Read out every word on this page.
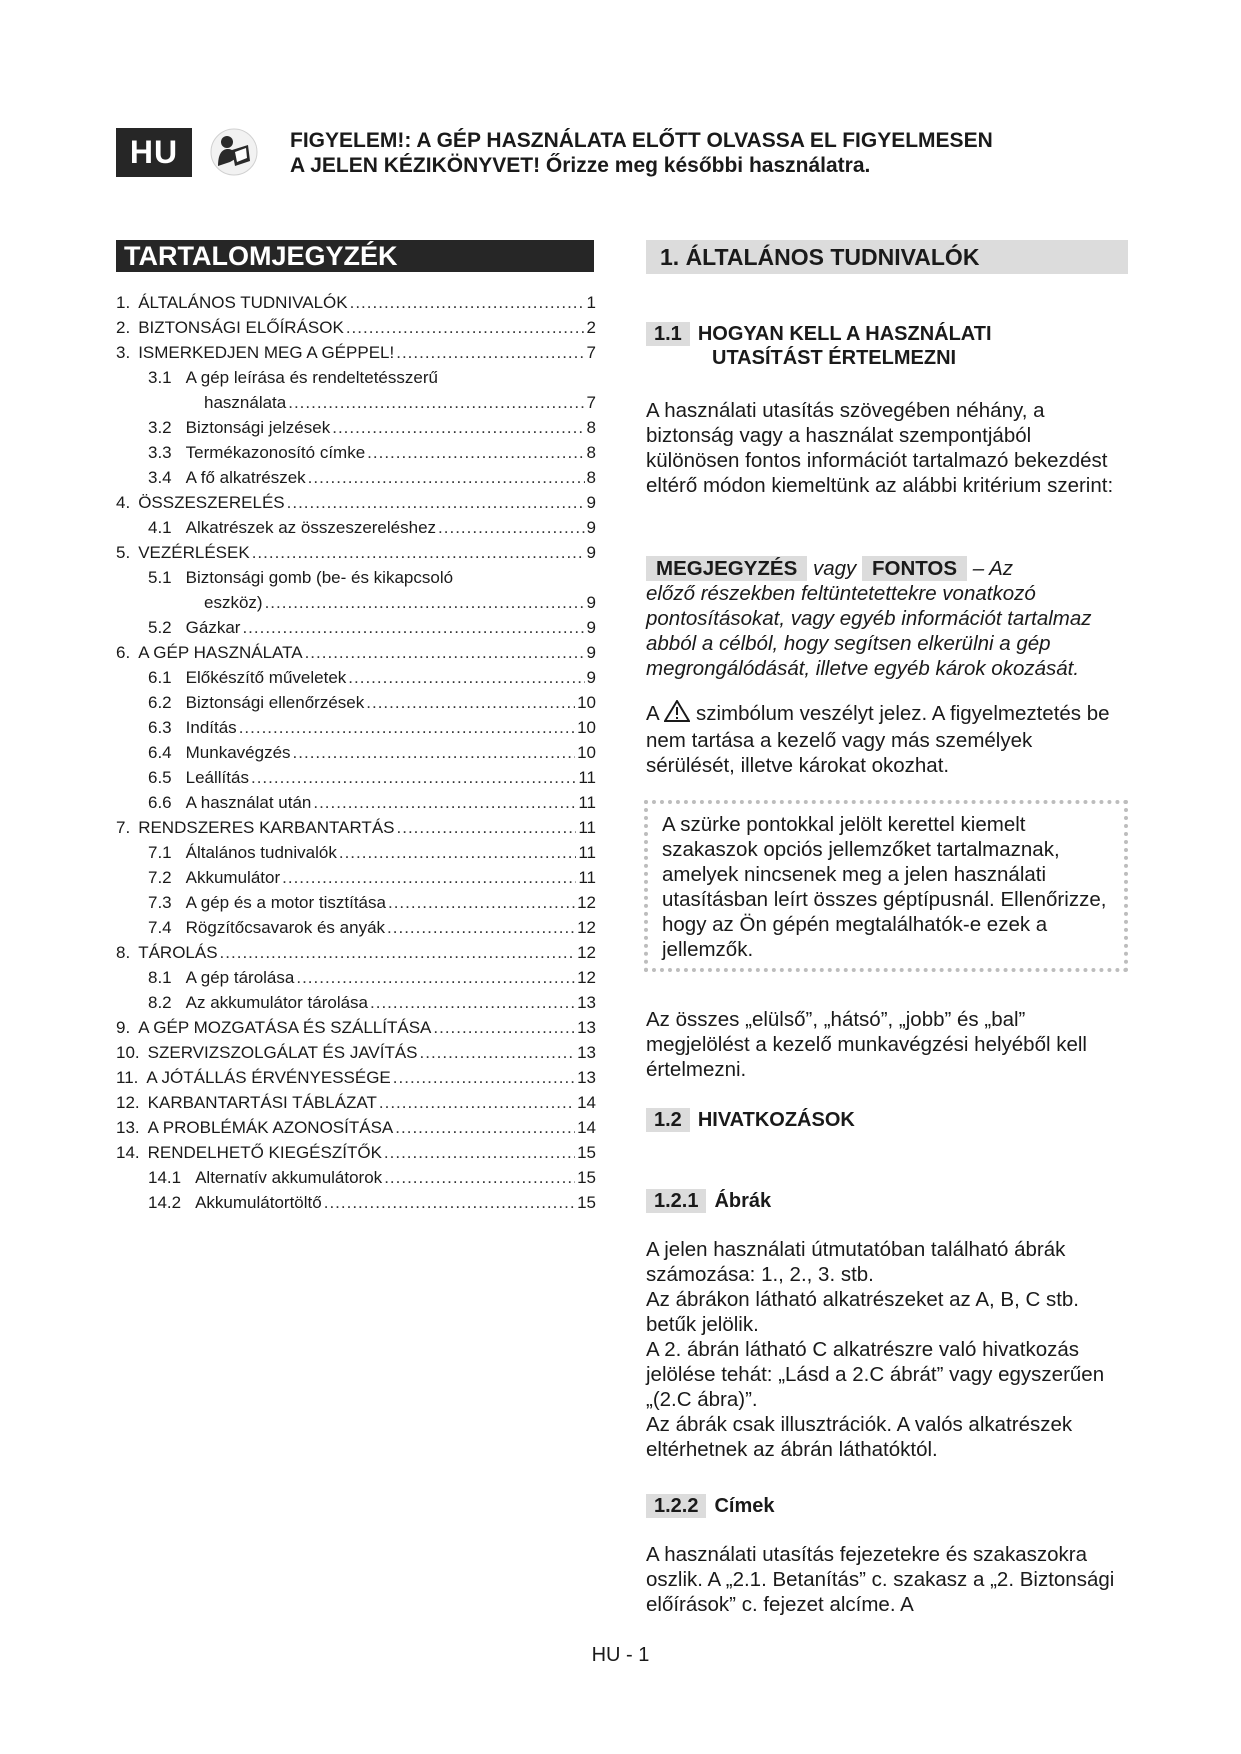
HU	FIGYELEM!: A GÉP HASZNÁLATA ELŐTT OLVASSA EL FIGYELMESEN
A JELEN KÉZIKÖNYVET! Őrizze meg későbbi használatra.
TARTALOMJEGYZÉK
1. ÁLTALÁNOS TUDNIVALÓK .....	1
2. BIZTONSÁGI ELŐÍRÁSOK .....	2
3. ISMERKEDJEN MEG A GÉPPEL! .....	7
3.1 A gép leírása és rendeltetésszerű
használata .....	7
3.2 Biztonsági jelzések .....	8
3.3 Termékazonosító címke .....	8
3.4 A fő alkatrészek .....	8
4. ÖSSZESZERELÉS .....	9
4.1 Alkatrészek az összeszereléshez .....	9
5. VEZÉRLÉSEK .....	9
5.1 Biztonsági gomb (be- és kikapcsoló
eszköz) .....	9
5.2 Gázkar .....	9
6. A GÉP HASZNÁLATA .....	9
6.1 Előkészítő műveletek .....	9
6.2 Biztonsági ellenőrzések .....	10
6.3 Indítás .....	10
6.4 Munkavégzés .....	10
6.5 Leállítás .....	11
6.6 A használat után .....	11
7. RENDSZERES KARBANTARTÁS .....	11
7.1 Általános tudnivalók .....	11
7.2 Akkumulátor .....	11
7.3 A gép és a motor tisztítása .....	12
7.4 Rögzítőcsavarok és anyák .....	12
8. TÁROLÁS .....	12
8.1 A gép tárolása .....	12
8.2 Az akkumulátor tárolása .....	13
9. A GÉP MOZGATÁSA ÉS SZÁLLÍTÁSA .....	13
10. SZERVIZSZOLGÁLAT ÉS JAVÍTÁS .....	13
11. A JÓTÁLLÁS ÉRVÉNYESSÉGE .....	13
12. KARBANTARTÁSI TÁBLÁZAT .....	14
13. A PROBLÉMÁK AZONOSÍTÁSA .....	14
14. RENDELHETŐ KIEGÉSZÍTŐK .....	15
14.1 Alternatív akkumulátorok .....	15
14.2 Akkumulátortöltő .....	15
1. ÁLTALÁNOS TUDNIVALÓK
1.1 HOGYAN KELL A HASZNÁLATI
UTASÍTÁST ÉRTELMEZNI
A használati utasítás szövegében néhány, a biztonság vagy a használat szempontjából különösen fontos információt tartalmazó bekezdést eltérő módon kiemeltünk az alábbi kritérium szerint:
MEGJEGYZÉS vagy FONTOS – Az
előző részekben feltüntetettekre vonatkozó pontosításokat, vagy egyéb információt tartalmaz abból a célból, hogy segítsen elkerülni a gép megrongálódását, illetve egyéb károk okozását.
A szimbólum veszélyt jelez. A figyelmeztetés be nem tartása a kezelő vagy más személyek sérülését, illetve károkat okozhat.
A szürke pontokkal jelölt kerettel kiemelt szakaszok opciós jellemzőket tartalmaznak, amelyek nincsenek meg a jelen használati utasításban leírt összes géptípusnál. Ellenőrizze, hogy az Ön gépén megtalálhatók-e ezek a jellemzők.
Az összes „elülső”, „hátsó”, „jobb” és „bal” megjelölést a kezelő munkavégzési helyéből kell értelmezni.
1.2 HIVATKOZÁSOK
1.2.1 Ábrák
A jelen használati útmutatóban található ábrák számozása: 1., 2., 3. stb.
Az ábrákon látható alkatrészeket az A, B, C stb. betűk jelölik.
A 2. ábrán látható C alkatrészre való hivatkozás jelölése tehát: „Lásd a 2.C ábrát” vagy egyszerűen „(2.C ábra)”.
Az ábrák csak illusztrációk. A valós alkatrészek eltérhetnek az ábrán láthatóktól.
1.2.2 Címek
A használati utasítás fejezetekre és szakaszokra oszlik. A „2.1. Betanítás” c. szakasz a „2. Biztonsági előírások” c. fejezet alcíme. A
HU - 1
